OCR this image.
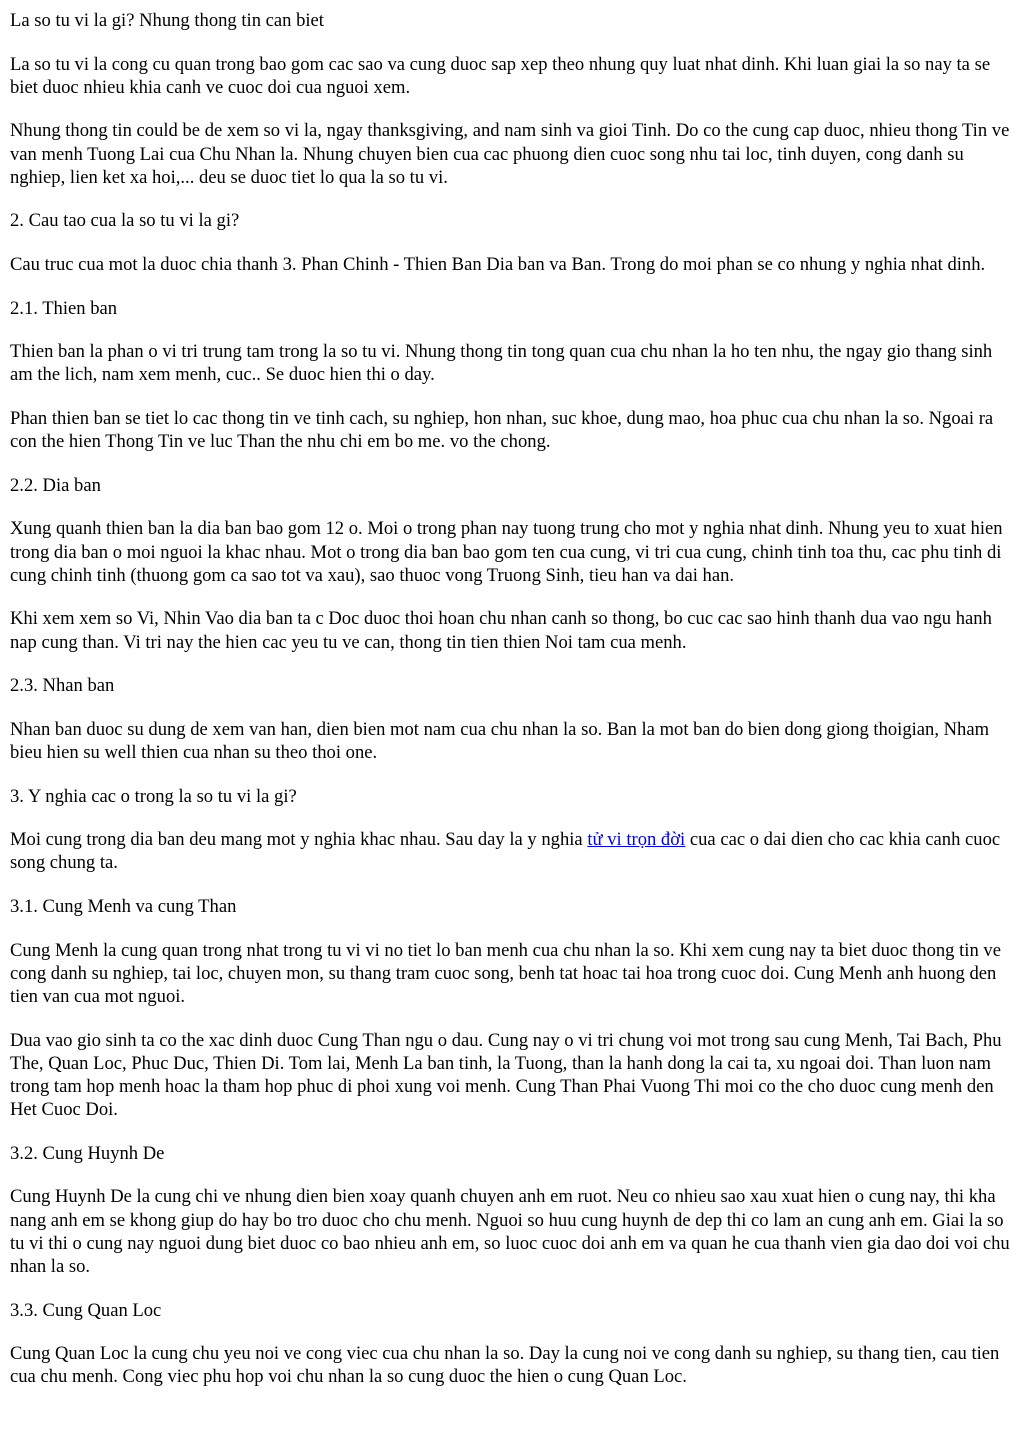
La so tu vi la gi? Nhung thong tin can biet

La so tu vi la cong cu quan trong bao gom cac sao va cung duoc sap xep theo nhung quy luat nhat dinh. Khi luan giai la so nay ta se biet duoc nhieu khia canh ve cuoc doi cua nguoi xem.

Nhung thong tin could be de xem so vi la, ngay thanksgiving, and nam sinh va gioi Tinh. Do co the cung cap duoc, nhieu thong Tin ve van menh Tuong Lai cua Chu Nhan la. Nhung chuyen bien cua cac phuong dien cuoc song nhu tai loc, tinh duyen, cong danh su nghiep, lien ket xa hoi,... deu se duoc tiet lo qua la so tu vi.

2. Cau tao cua la so tu vi la gi?

Cau truc cua mot la duoc chia thanh 3. Phan Chinh - Thien Ban Dia ban va Ban. Trong do moi phan se co nhung y nghia nhat dinh.

2.1. Thien ban

Thien ban la phan o vi tri trung tam trong la so tu vi. Nhung thong tin tong quan cua chu nhan la ho ten nhu, the ngay gio thang sinh am the lich, nam xem menh, cuc.. Se duoc hien thi o day.

Phan thien ban se tiet lo cac thong tin ve tinh cach, su nghiep, hon nhan, suc khoe, dung mao, hoa phuc cua chu nhan la so. Ngoai ra con the hien Thong Tin ve luc Than the nhu chi em bo me. vo the chong.

2.2. Dia ban

Xung quanh thien ban la dia ban bao gom 12 o. Moi o trong phan nay tuong trung cho mot y nghia nhat dinh. Nhung yeu to xuat hien trong dia ban o moi nguoi la khac nhau. Mot o trong dia ban bao gom ten cua cung, vi tri cua cung, chinh tinh toa thu, cac phu tinh di cung chinh tinh (thuong gom ca sao tot va xau), sao thuoc vong Truong Sinh, tieu han va dai han.

Khi xem xem so Vi, Nhin Vao dia ban ta c Doc duoc thoi hoan chu nhan canh so thong, bo cuc cac sao hinh thanh dua vao ngu hanh nap cung than. Vi tri nay the hien cac yeu tu ve can, thong tin tien thien Noi tam cua menh.

2.3. Nhan ban

Nhan ban duoc su dung de xem van han, dien bien mot nam cua chu nhan la so. Ban la mot ban do bien dong giong thoigian, Nham bieu hien su well thien cua nhan su theo thoi one.

3. Y nghia cac o trong la so tu vi la gi?

Moi cung trong dia ban deu mang mot y nghia khac nhau. Sau day la y nghia tử vi trọn đời cua cac o dai dien cho cac khia canh cuoc song chung ta.

3.1. Cung Menh va cung Than

Cung Menh la cung quan trong nhat trong tu vi vi no tiet lo ban menh cua chu nhan la so. Khi xem cung nay ta biet duoc thong tin ve cong danh su nghiep, tai loc, chuyen mon, su thang tram cuoc song, benh tat hoac tai hoa trong cuoc doi. Cung Menh anh huong den tien van cua mot nguoi.

Dua vao gio sinh ta co the xac dinh duoc Cung Than ngu o dau. Cung nay o vi tri chung voi mot trong sau cung Menh, Tai Bach, Phu The, Quan Loc, Phuc Duc, Thien Di. Tom lai, Menh La ban tinh, la Tuong, than la hanh dong la cai ta, xu ngoai doi. Than luon nam trong tam hop menh hoac la tham hop phuc di phoi xung voi menh. Cung Than Phai Vuong Thi moi co the cho duoc cung menh den Het Cuoc Doi.

3.2. Cung Huynh De

Cung Huynh De la cung chi ve nhung dien bien xoay quanh chuyen anh em ruot. Neu co nhieu sao xau xuat hien o cung nay, thi kha nang anh em se khong giup do hay bo tro duoc cho chu menh. Nguoi so huu cung huynh de dep thi co lam an cung anh em. Giai la so tu vi thi o cung nay nguoi dung biet duoc co bao nhieu anh em, so luoc cuoc doi anh em va quan he cua thanh vien gia dao doi voi chu nhan la so.

3.3. Cung Quan Loc

Cung Quan Loc la cung chu yeu noi ve cong viec cua chu nhan la so. Day la cung noi ve cong danh su nghiep, su thang tien, cau tien cua chu menh. Cong viec phu hop voi chu nhan la so cung duoc the hien o cung Quan Loc.
